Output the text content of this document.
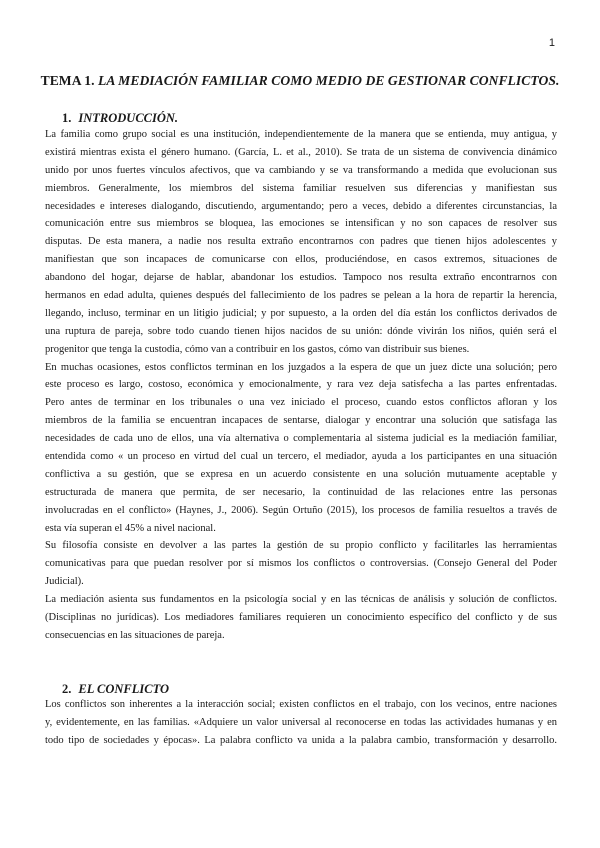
1
TEMA 1. LA MEDIACIÓN FAMILIAR COMO MEDIO DE GESTIONAR CONFLICTOS.
1. INTRODUCCIÓN.
La familia como grupo social es una institución, independientemente de la manera que se entienda, muy antigua, y
existirá mientras exista el género humano. (García, L. et al., 2010). Se trata de un sistema de convivencia dinámico
unido por unos fuertes vínculos afectivos, que va cambiando y se va transformando a medida que evolucionan sus
miembros. Generalmente, los miembros del sistema familiar resuelven sus diferencias y manifiestan sus
necesidades e intereses dialogando, discutiendo, argumentando; pero a veces, debido a diferentes circunstancias, la
comunicación entre sus miembros se bloquea, las emociones se intensifican y no son capaces de resolver sus
disputas. De esta manera, a nadie nos resulta extraño encontrarnos con padres que tienen hijos adolescentes y
manifiestan que son incapaces de comunicarse con ellos, produciéndose, en casos extremos, situaciones de
abandono del hogar, dejarse de hablar, abandonar los estudios. Tampoco nos resulta extraño encontrarnos con
hermanos en edad adulta, quienes después del fallecimiento de los padres se pelean a la hora de repartir la herencia,
llegando, incluso, terminar en un litigio judicial; y por supuesto, a la orden del día están los conflictos derivados de
una ruptura de pareja, sobre todo cuando tienen hijos nacidos de su unión: dónde vivirán los niños, quién será el
progenitor que tenga la custodia, cómo van a contribuir en los gastos, cómo van distribuir sus bienes.
En muchas ocasiones, estos conflictos terminan en los juzgados a la espera de que un juez dicte una solución; pero
este proceso es largo, costoso, económica y emocionalmente, y rara vez deja satisfecha a las partes enfrentadas.
Pero antes de terminar en los tribunales o una vez iniciado el proceso, cuando estos conflictos afloran y los
miembros de la familia se encuentran incapaces de sentarse, dialogar y encontrar una solución que satisfaga las
necesidades de cada uno de ellos, una vía alternativa o complementaria al sistema judicial es la mediación familiar,
entendida como « un proceso en virtud del cual un tercero, el mediador, ayuda a los participantes en una situación
conflictiva a su gestión, que se expresa en un acuerdo consistente en una solución mutuamente aceptable y
estructurada de manera que permita, de ser necesario, la continuidad de las relaciones entre las personas
involucradas en el conflicto» (Haynes, J., 2006). Según Ortuño (2015), los procesos de familia resueltos a través de
esta vía superan el 45% a nivel nacional.
Su filosofía consiste en devolver a las partes la gestión de su propio conflicto y facilitarles las herramientas
comunicativas para que puedan resolver por sí mismos los conflictos o controversias. (Consejo General del Poder
Judicial).
La mediación asienta sus fundamentos en la psicología social y en las técnicas de análisis y solución de conflictos.
(Disciplinas no jurídicas). Los mediadores familiares requieren un conocimiento específico del conflicto y de sus
consecuencias en las situaciones de pareja.
2. EL CONFLICTO
Los conflictos son inherentes a la interacción social; existen conflictos en el trabajo, con los vecinos, entre naciones
y, evidentemente, en las familias. «Adquiere un valor universal al reconocerse en todas las actividades humanas y en
todo tipo de sociedades y épocas». La palabra conflicto va unida a la palabra cambio, transformación y desarrollo.
